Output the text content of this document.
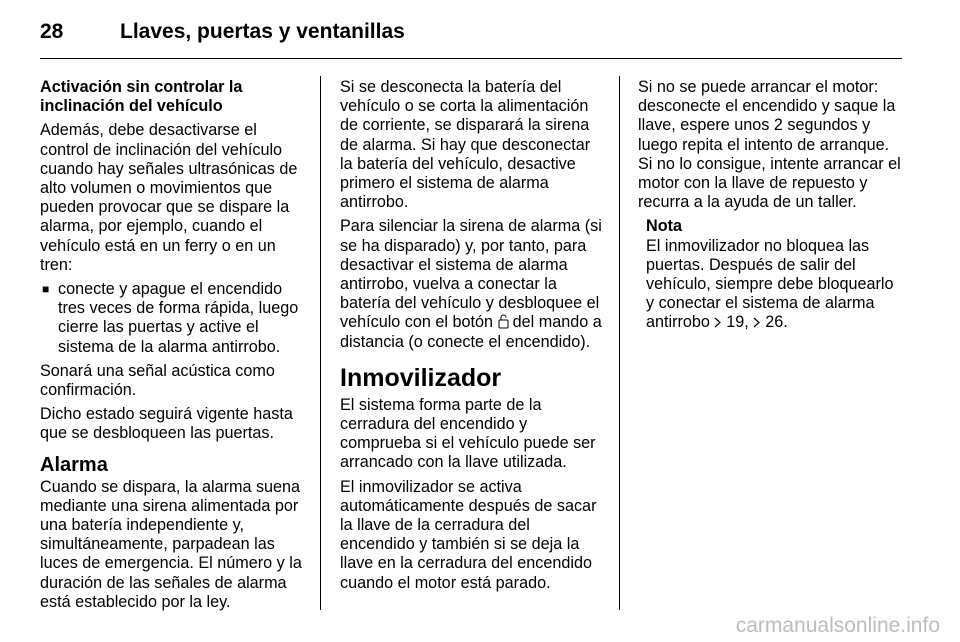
28	Llaves, puertas y ventanillas

Activación sin controlar la inclinación del vehículo

Además, debe desactivarse el control de inclinación del vehículo cuando hay señales ultrasónicas de alto volumen o movimientos que pueden provocar que se dispare la alarma, por ejemplo, cuando el vehículo está en un ferry o en un tren:

■ conecte y apague el encendido tres veces de forma rápida, luego cierre las puertas y active el sistema de la alarma antirrobo.

Sonará una señal acústica como confirmación.

Dicho estado seguirá vigente hasta que se desbloqueen las puertas.

Alarma

Cuando se dispara, la alarma suena mediante una sirena alimentada por una batería independiente y, simultáneamente, parpadean las luces de emergencia. El número y la duración de las señales de alarma está establecido por la ley.

Si se desconecta la batería del vehículo o se corta la alimentación de corriente, se disparará la sirena de alarma. Si hay que desconectar la batería del vehículo, desactive primero el sistema de alarma antirrobo.

Para silenciar la sirena de alarma (si se ha disparado) y, por tanto, para desactivar el sistema de alarma antirrobo, vuelva a conectar la batería del vehículo y desbloquee el vehículo con el botón del mando a distancia (o conecte el encendido).

Inmovilizador

El sistema forma parte de la cerradura del encendido y comprueba si el vehículo puede ser arrancado con la llave utilizada.

El inmovilizador se activa automáticamente después de sacar la llave de la cerradura del encendido y también si se deja la llave en la cerradura del encendido cuando el motor está parado.

Si no se puede arrancar el motor: desconecte el encendido y saque la llave, espere unos 2 segundos y luego repita el intento de arranque. Si no lo consigue, intente arrancar el motor con la llave de repuesto y recurra a la ayuda de un taller.

Nota
El inmovilizador no bloquea las puertas. Después de salir del vehículo, siempre debe bloquearlo y conectar el sistema de alarma antirrobo 19, 26.
carmanualsonline.info
